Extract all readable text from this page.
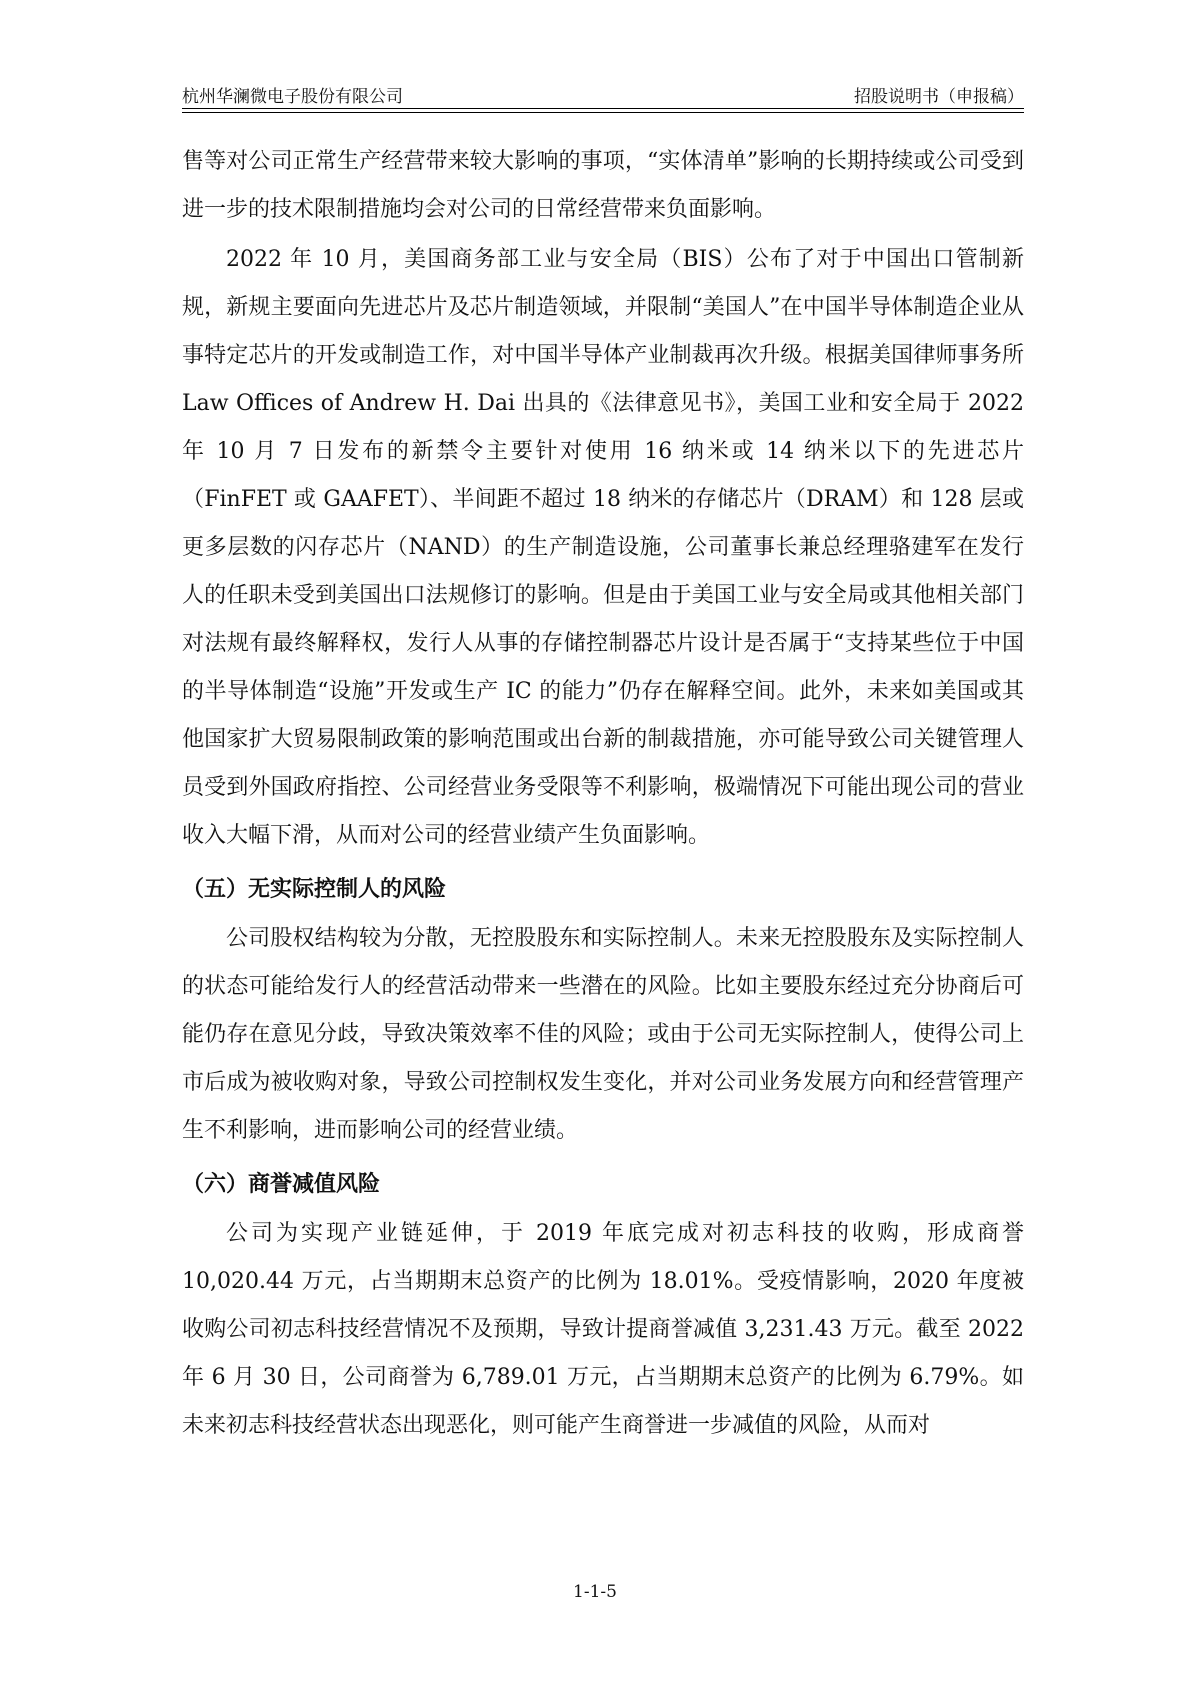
杭州华澜微电子股份有限公司	招股说明书（申报稿）

售等对公司正常生产经营带来较大影响的事项，“实体清单”影响的长期持续或公司受到进一步的技术限制措施均会对公司的日常经营带来负面影响。

2022 年 10 月，美国商务部工业与安全局（BIS）公布了对于中国出口管制新规，新规主要面向先进芯片及芯片制造领域，并限制“美国人”在中国半导体制造企业从事特定芯片的开发或制造工作，对中国半导体产业制裁再次升级。根据美国律师事务所 Law Offices of Andrew H. Dai 出具的《法律意见书》，美国工业和安全局于 2022 年 10 月 7 日发布的新禁令主要针对使用 16 纳米或 14 纳米以下的先进芯片（FinFET 或 GAAFET）、半间距不超过 18 纳米的存储芯片（DRAM）和 128 层或更多层数的闪存芯片（NAND）的生产制造设施，公司董事长兼总经理骆建军在发行人的任职未受到美国出口法规修订的影响。但是由于美国工业与安全局或其他相关部门对法规有最终解释权，发行人从事的存储控制器芯片设计是否属于“支持某些位于中国的半导体制造“设施”开发或生产 IC 的能力”仍存在解释空间。此外，未来如美国或其他国家扩大贸易限制政策的影响范围或出台新的制裁措施，亦可能导致公司关键管理人员受到外国政府指控、公司经营业务受限等不利影响，极端情况下可能出现公司的营业收入大幅下滑，从而对公司的经营业绩产生负面影响。

（五）无实际控制人的风险

公司股权结构较为分散，无控股股东和实际控制人。未来无控股股东及实际控制人的状态可能给发行人的经营活动带来一些潜在的风险。比如主要股东经过充分协商后可能仍存在意见分歧，导致决策效率不佳的风险；或由于公司无实际控制人，使得公司上市后成为被收购对象，导致公司控制权发生变化，并对公司业务发展方向和经营管理产生不利影响，进而影响公司的经营业绩。

（六）商誉减值风险

公司为实现产业链延伸，于 2019 年底完成对初志科技的收购，形成商誉10,020.44 万元，占当期期末总资产的比例为 18.01%。受疫情影响，2020 年度被收购公司初志科技经营情况不及预期，导致计提商誉减值 3,231.43 万元。截至 2022 年 6 月 30 日，公司商誉为 6,789.01 万元，占当期期末总资产的比例为 6.79%。如未来初志科技经营状态出现恶化，则可能产生商誉进一步减值的风险，从而对

1-1-5
